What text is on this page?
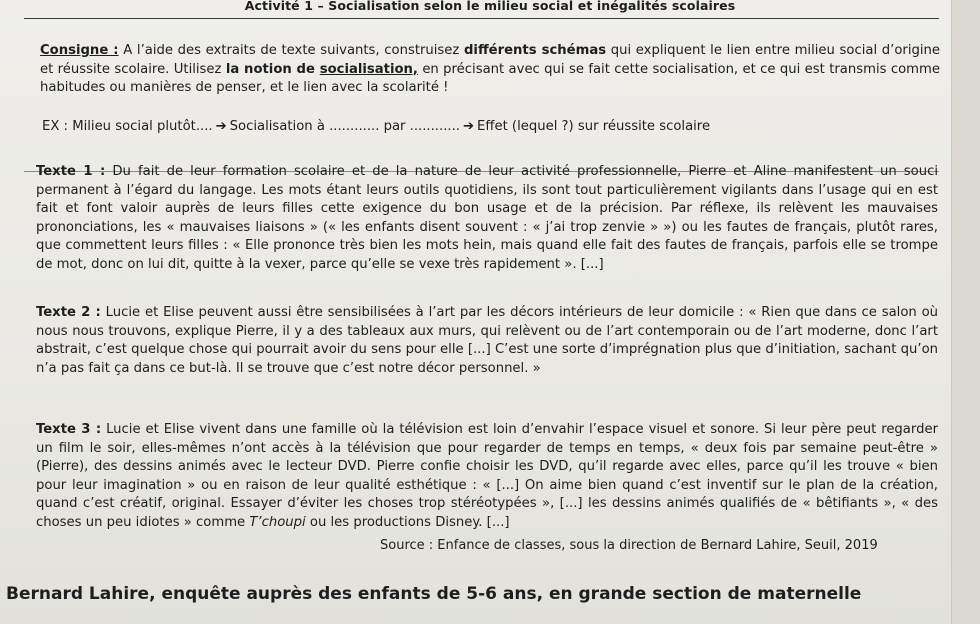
Activité 1 – Socialisation selon le milieu social et inégalités scolaires

Consigne : A l’aide des extraits de texte suivants, construisez différents schémas qui expliquent le lien entre milieu social d’origine et réussite scolaire. Utilisez la notion de socialisation, en précisant avec qui se fait cette socialisation, et ce qui est transmis comme habitudes ou manières de penser, et le lien avec la scolarité !

EX : Milieu social plutôt.... ➔ Socialisation à ............ par ............ ➔ Effet (lequel ?) sur réussite scolaire

Texte 1 : Du fait de leur formation scolaire et de la nature de leur activité professionnelle, Pierre et Aline manifestent un souci permanent à l’égard du langage. Les mots étant leurs outils quotidiens, ils sont tout particulièrement vigilants dans l’usage qui en est fait et font valoir auprès de leurs filles cette exigence du bon usage et de la précision. Par réflexe, ils relèvent les mauvaises prononciations, les « mauvaises liaisons » (« les enfants disent souvent : « j’ai trop zenvie » ») ou les fautes de français, plutôt rares, que commettent leurs filles : « Elle prononce très bien les mots hein, mais quand elle fait des fautes de français, parfois elle se trompe de mot, donc on lui dit, quitte à la vexer, parce qu’elle se vexe très rapidement ». [...]

Texte 2 : Lucie et Elise peuvent aussi être sensibilisées à l’art par les décors intérieurs de leur domicile : « Rien que dans ce salon où nous nous trouvons, explique Pierre, il y a des tableaux aux murs, qui relèvent ou de l’art contemporain ou de l’art moderne, donc l’art abstrait, c’est quelque chose qui pourrait avoir du sens pour elle [...] C’est une sorte d’imprégnation plus que d’initiation, sachant qu’on n’a pas fait ça dans ce but-là. Il se trouve que c’est notre décor personnel. »

Texte 3 : Lucie et Elise vivent dans une famille où la télévision est loin d’envahir l’espace visuel et sonore. Si leur père peut regarder un film le soir, elles-mêmes n’ont accès à la télévision que pour regarder de temps en temps, « deux fois par semaine peut-être » (Pierre), des dessins animés avec le lecteur DVD. Pierre confie choisir les DVD, qu’il regarde avec elles, parce qu’il les trouve « bien pour leur imagination » ou en raison de leur qualité esthétique : « [...] On aime bien quand c’est inventif sur le plan de la création, quand c’est créatif, original. Essayer d’éviter les choses trop stéréotypées », [...] les dessins animés qualifiés de « bêtifiants », « des choses un peu idiotes » comme T’choupi ou les productions Disney. [...]

Source : Enfance de classes, sous la direction de Bernard Lahire, Seuil, 2019
Bernard Lahire, enquête auprès des enfants de 5-6 ans, en grande section de maternelle
